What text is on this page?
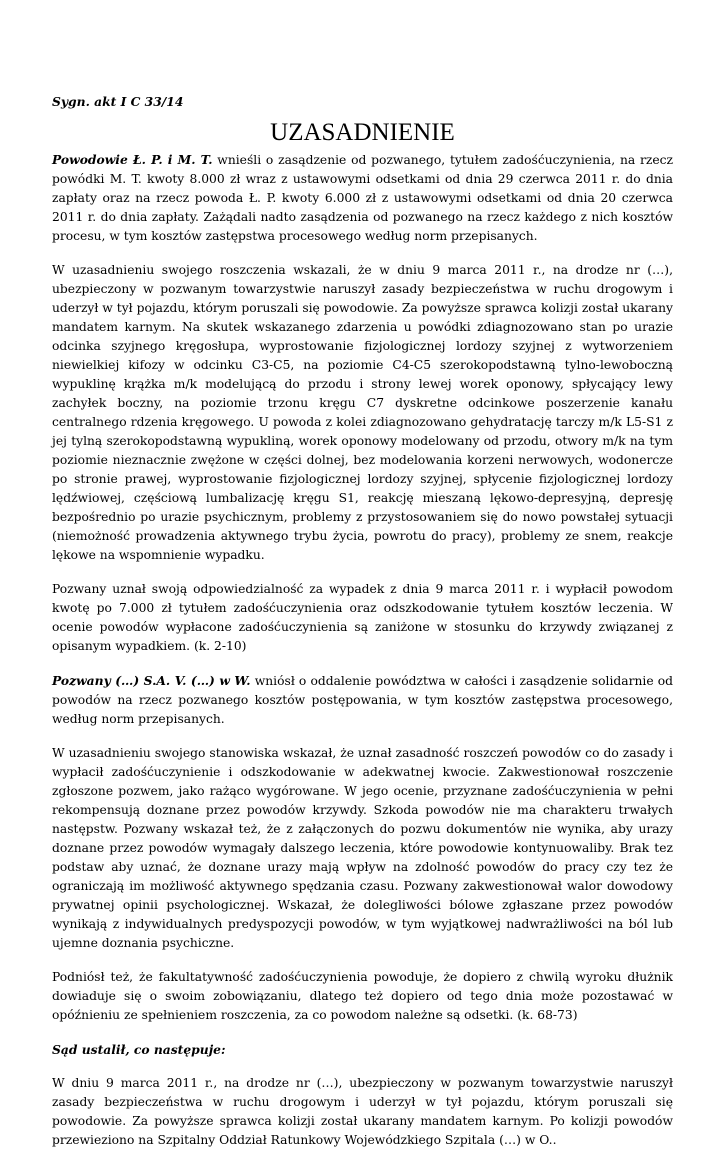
Sygn. akt I C 33/14
UZASADNIENIE

Powodowie Ł. P. i M. T. wnieśli o zasądzenie od pozwanego, tytułem zadośćuczynienia, na rzecz powódki M. T. kwoty 8.000 zł wraz z ustawowymi odsetkami od dnia 29 czerwca 2011 r. do dnia zapłaty oraz na rzecz powoda Ł. P. kwoty 6.000 zł z ustawowymi odsetkami od dnia 20 czerwca 2011 r. do dnia zapłaty. Zażądali nadto zasądzenia od pozwanego na rzecz każdego z nich kosztów procesu, w tym kosztów zastępstwa procesowego według norm przepisanych.

W uzasadnieniu swojego roszczenia wskazali, że w dniu 9 marca 2011 r., na drodze nr (…), ubezpieczony w pozwanym towarzystwie naruszył zasady bezpieczeństwa w ruchu drogowym i uderzył w tył pojazdu, którym poruszali się powodowie. Za powyższe sprawca kolizji został ukarany mandatem karnym. Na skutek wskazanego zdarzenia u powódki zdiagnozowano stan po urazie odcinka szyjnego kręgosłupa, wyprostowanie fizjologicznej lordozy szyjnej z wytworzeniem niewielkiej kifozy w odcinku C3-C5, na poziomie C4-C5 szerokopodstawną tylno-lewoboczną wypuklinę krążka m/k modelującą do przodu i strony lewej worek oponowy, spłycający lewy zachyłek boczny, na poziomie trzonu kręgu C7 dyskretne odcinkowe poszerzenie kanału centralnego rdzenia kręgowego. U powoda z kolei zdiagnozowano gehydratację tarczy m/k L5-S1 z jej tylną szerokopodstawną wypukliną, worek oponowy modelowany od przodu, otwory m/k na tym poziomie nieznacznie zwężone w części dolnej, bez modelowania korzeni nerwowych, wodonercze po stronie prawej, wyprostowanie fizjologicznej lordozy szyjnej, spłycenie fizjologicznej lordozy lędźwiowej, częściową lumbalizację kręgu S1, reakcję mieszaną lękowo-depresyjną, depresję bezpośrednio po urazie psychicznym, problemy z przystosowaniem się do nowo powstałej sytuacji (niemożność prowadzenia aktywnego trybu życia, powrotu do pracy), problemy ze snem, reakcje lękowe na wspomnienie wypadku.

Pozwany uznał swoją odpowiedzialność za wypadek z dnia 9 marca 2011 r. i wypłacił powodom kwotę po 7.000 zł tytułem zadośćuczynienia oraz odszkodowanie tytułem kosztów leczenia. W ocenie powodów wypłacone zadośćuczynienia są zaniżone w stosunku do krzywdy związanej z opisanym wypadkiem. (k. 2-10)

Pozwany (…) S.A. V. (…) w W. wniósł o oddalenie powództwa w całości i zasądzenie solidarnie od powodów na rzecz pozwanego kosztów postępowania, w tym kosztów zastępstwa procesowego, według norm przepisanych.

W uzasadnieniu swojego stanowiska wskazał, że uznał zasadność roszczeń powodów co do zasady i wypłacił zadośćuczynienie i odszkodowanie w adekwatnej kwocie. Zakwestionował roszczenie zgłoszone pozwem, jako rażąco wygórowane. W jego ocenie, przyznane zadośćuczynienia w pełni rekompensują doznane przez powodów krzywdy. Szkoda powodów nie ma charakteru trwałych następstw. Pozwany wskazał też, że z załączonych do pozwu dokumentów nie wynika, aby urazy doznane przez powodów wymagały dalszego leczenia, które powodowie kontynuowaliby. Brak tez podstaw aby uznać, że doznane urazy mają wpływ na zdolność powodów do pracy czy tez że ograniczają im możliwość aktywnego spędzania czasu. Pozwany zakwestionował walor dowodowy prywatnej opinii psychologicznej. Wskazał, że dolegliwości bólowe zgłaszane przez powodów wynikają z indywidualnych predyspozycji powodów, w tym wyjątkowej nadwrażliwości na ból lub ujemne doznania psychiczne.

Podniósł też, że fakultatywność zadośćuczynienia powoduje, że dopiero z chwilą wyroku dłużnik dowiaduje się o swoim zobowiązaniu, dlatego też dopiero od tego dnia może pozostawać w opóźnieniu ze spełnieniem roszczenia, za co powodom należne są odsetki. (k. 68-73)

Sąd ustalił, co następuje:

W dniu 9 marca 2011 r., na drodze nr (…), ubezpieczony w pozwanym towarzystwie naruszył zasady bezpieczeństwa w ruchu drogowym i uderzył w tył pojazdu, którym poruszali się powodowie. Za powyższe sprawca kolizji został ukarany mandatem karnym. Po kolizji powodów przewieziono na Szpitalny Oddział Ratunkowy Wojewódzkiego Szpitala (…) w O..
